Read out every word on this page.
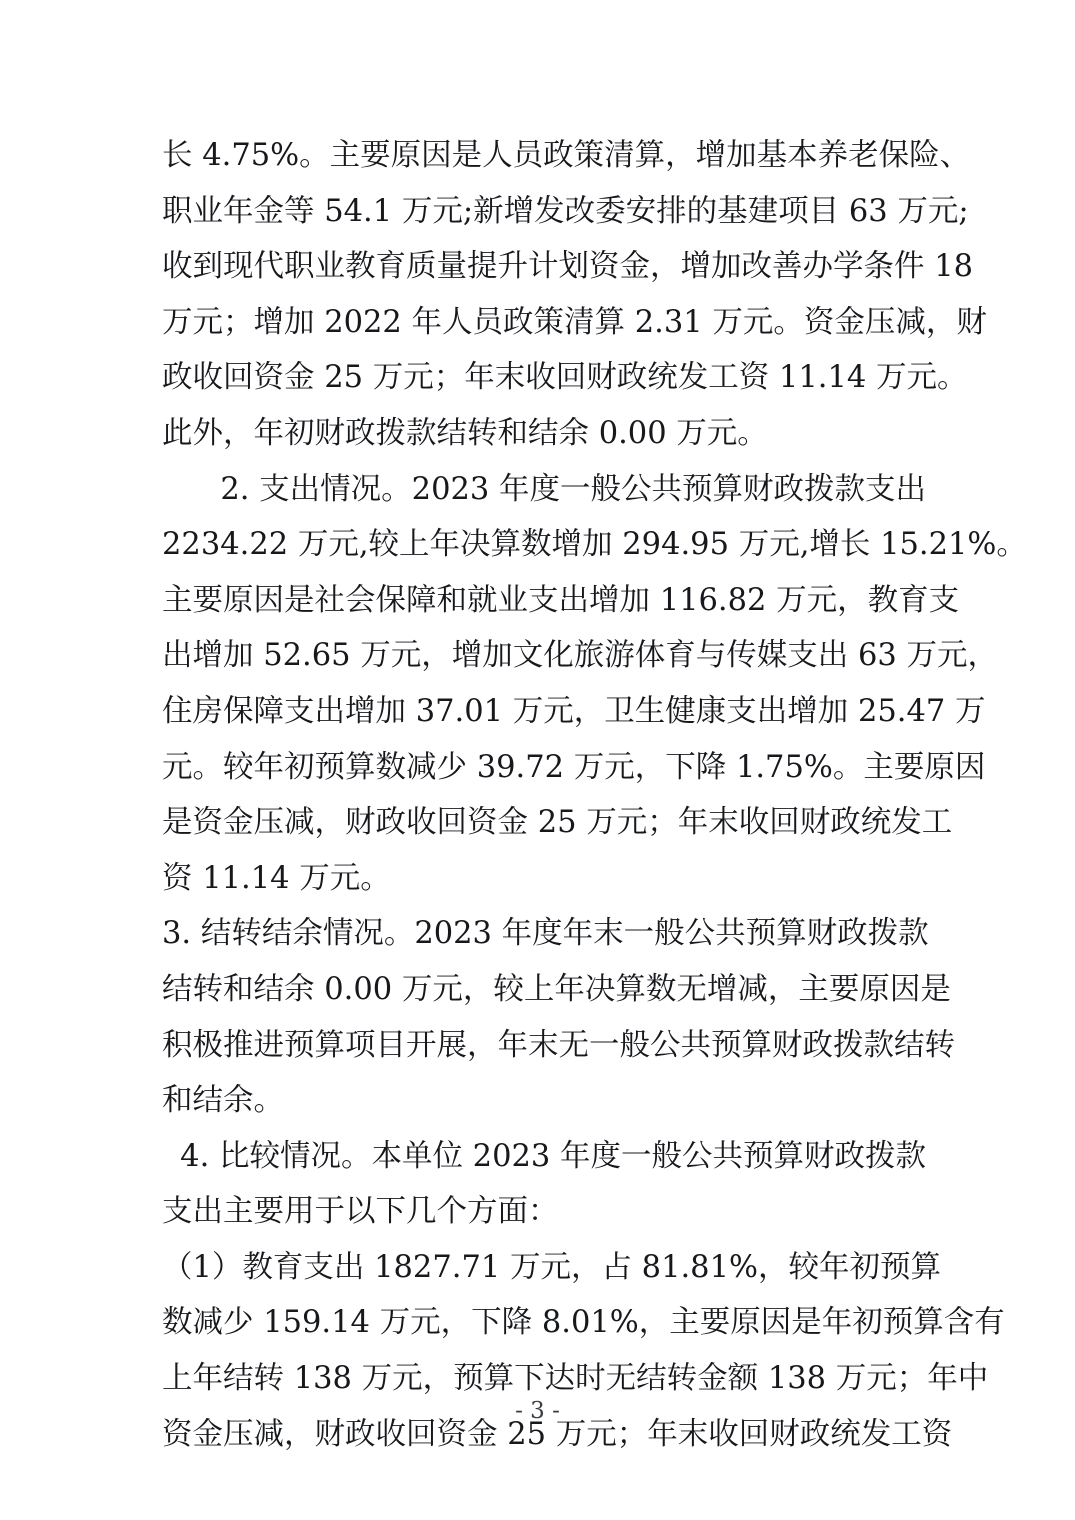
长
4 . 7 5 % 。 主 要 原 因 是 人 员 政 策 清 算 ， 增 加 基 本 养 老 保 险 、
职 业 年 金 等
5 4 . 1
万 元 ; 新 增 发 改 委 安 排 的 基 建 项 目
6 3
万 元 ;
收 到 现 代 职 业 教 育 质 量 提 升 计 划 资 金 ， 增 加 改 善 办 学 条 件
1 8
万 元 ； 增 加
2 0 2 2
年 人 员 政 策 清 算
2 . 3 1
万 元 。 资 金 压 减 ， 财
政 收 回 资 金
2 5
万 元 ； 年 末 收 回 财 政 统 发 工 资
1 1 . 1 4
万 元 。
此外，年初财政拨款结转和结余 0.00 万元。
2 .
支 出 情 况 。 2 0 2 3
年 度 一 般 公 共 预 算 财 政 拨 款 支 出
2 2 3 4 . 2 2
万 元 , 较 上 年 决 算 数 增 加
2 9 4 . 9 5
万 元 , 增 长
1 5 . 2 1 % 。
主 要 原 因 是 社 会 保 障 和 就 业 支 出 增 加
1 1 6 . 8 2
万 元 ， 教 育 支
出 增 加
5 2 . 6 5
万 元 ， 增 加 文 化 旅 游 体 育 与 传 媒 支 出
6 3
万 元 ，
住 房 保 障 支 出 增 加
3 7 . 0 1
万 元 ， 卫 生 健 康 支 出 增 加
2 5 . 4 7
万
元 。 较 年 初 预 算 数 减 少
3 9 . 7 2
万 元 ， 下 降
1 . 7 5 % 。 主 要 原 因
是 资 金 压 减 ， 财 政 收 回 资 金
2 5
万 元 ； 年 末 收 回 财 政 统 发 工
资 11.14 万元。
3 .
结 转 结 余 情 况 。 2 0 2 3
年 度 年 末 一 般 公 共 预 算 财 政 拨 款
结 转 和 结 余
0 . 0 0
万 元 ， 较 上 年 决 算 数 无 增 减 ， 主 要 原 因 是
积 极 推 进 预 算 项 目 开 展 ， 年 末 无 一 般 公 共 预 算 财 政 拨 款 结 转
和结余。
4 .
比 较 情 况 。 本 单 位
2 0 2 3
年 度 一 般 公 共 预 算 财 政 拨 款
支出主要用于以下几个方面：
（ 1 ） 教 育 支 出
1 8 2 7 . 7 1
万 元 ， 占
8 1 . 8 1 % ， 较 年 初 预 算
数 减 少
1 5 9 . 1 4
万 元 ， 下 降
8 . 0 1 % ， 主 要 原 因 是 年 初 预 算 含 有
上 年 结 转
1 3 8
万 元 ， 预 算 下 达 时 无 结 转 金 额
1 3 8
万 元 ； 年 中
资金压减，财政收回资金 25 万元；年末收回财政统发工资
- 3 -
